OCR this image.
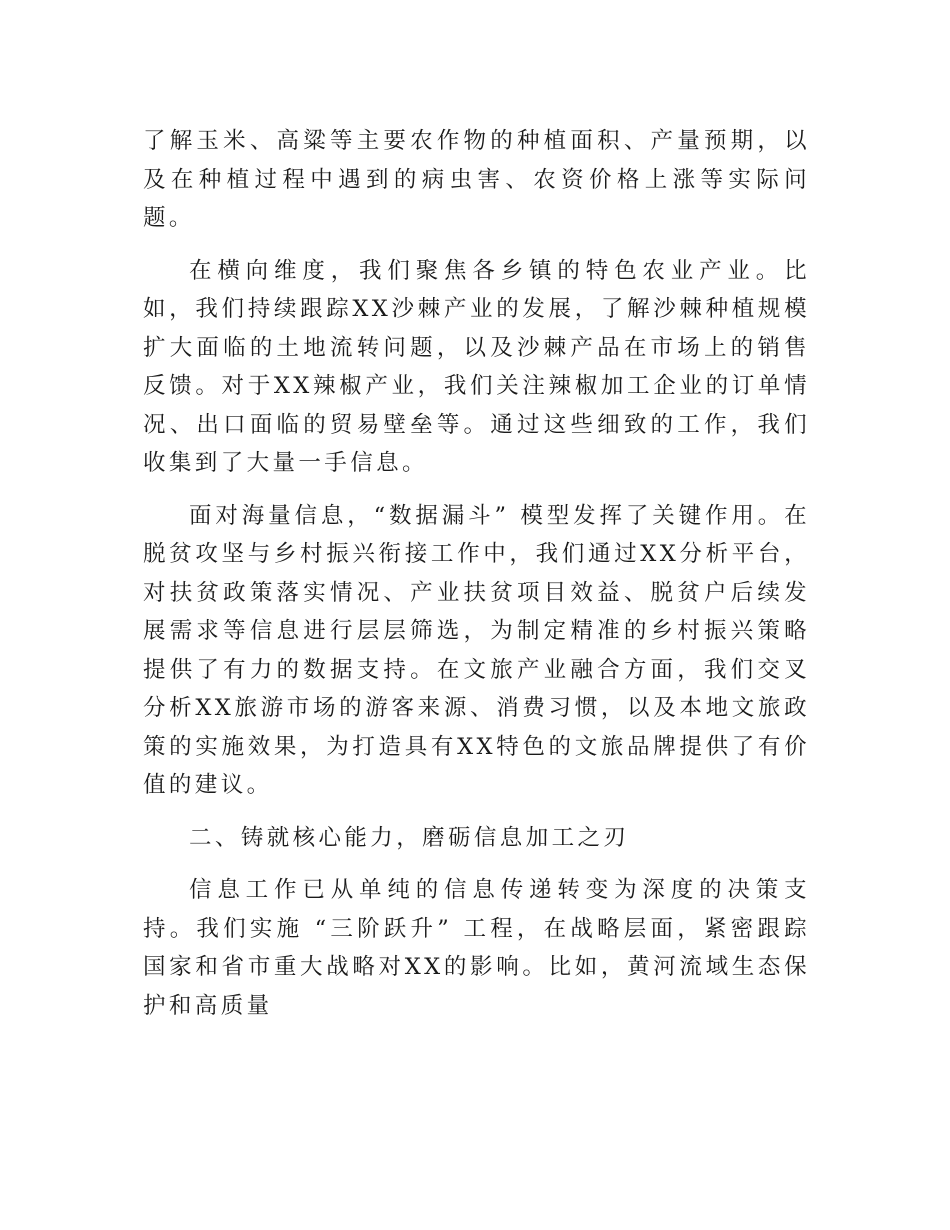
了解玉米、高粱等主要农作物的种植面积、产量预期，以及在种植过程中遇到的病虫害、农资价格上涨等实际问题。

在横向维度，我们聚焦各乡镇的特色农业产业。比如，我们持续跟踪XX沙棘产业的发展，了解沙棘种植规模扩大面临的土地流转问题，以及沙棘产品在市场上的销售反馈。对于XX辣椒产业，我们关注辣椒加工企业的订单情况、出口面临的贸易壁垒等。通过这些细致的工作，我们收集到了大量一手信息。

面对海量信息，“数据漏斗” 模型发挥了关键作用。在脱贫攻坚与乡村振兴衔接工作中，我们通过XX分析平台，对扶贫政策落实情况、产业扶贫项目效益、脱贫户后续发展需求等信息进行层层筛选，为制定精准的乡村振兴策略提供了有力的数据支持。在文旅产业融合方面，我们交叉分析XX旅游市场的游客来源、消费习惯，以及本地文旅政策的实施效果，为打造具有XX特色的文旅品牌提供了有价值的建议。

二、铸就核心能力，磨砺信息加工之刃

信息工作已从单纯的信息传递转变为深度的决策支持。我们实施 “三阶跃升” 工程，在战略层面，紧密跟踪国家和省市重大战略对XX的影响。比如，黄河流域生态保护和高质量
